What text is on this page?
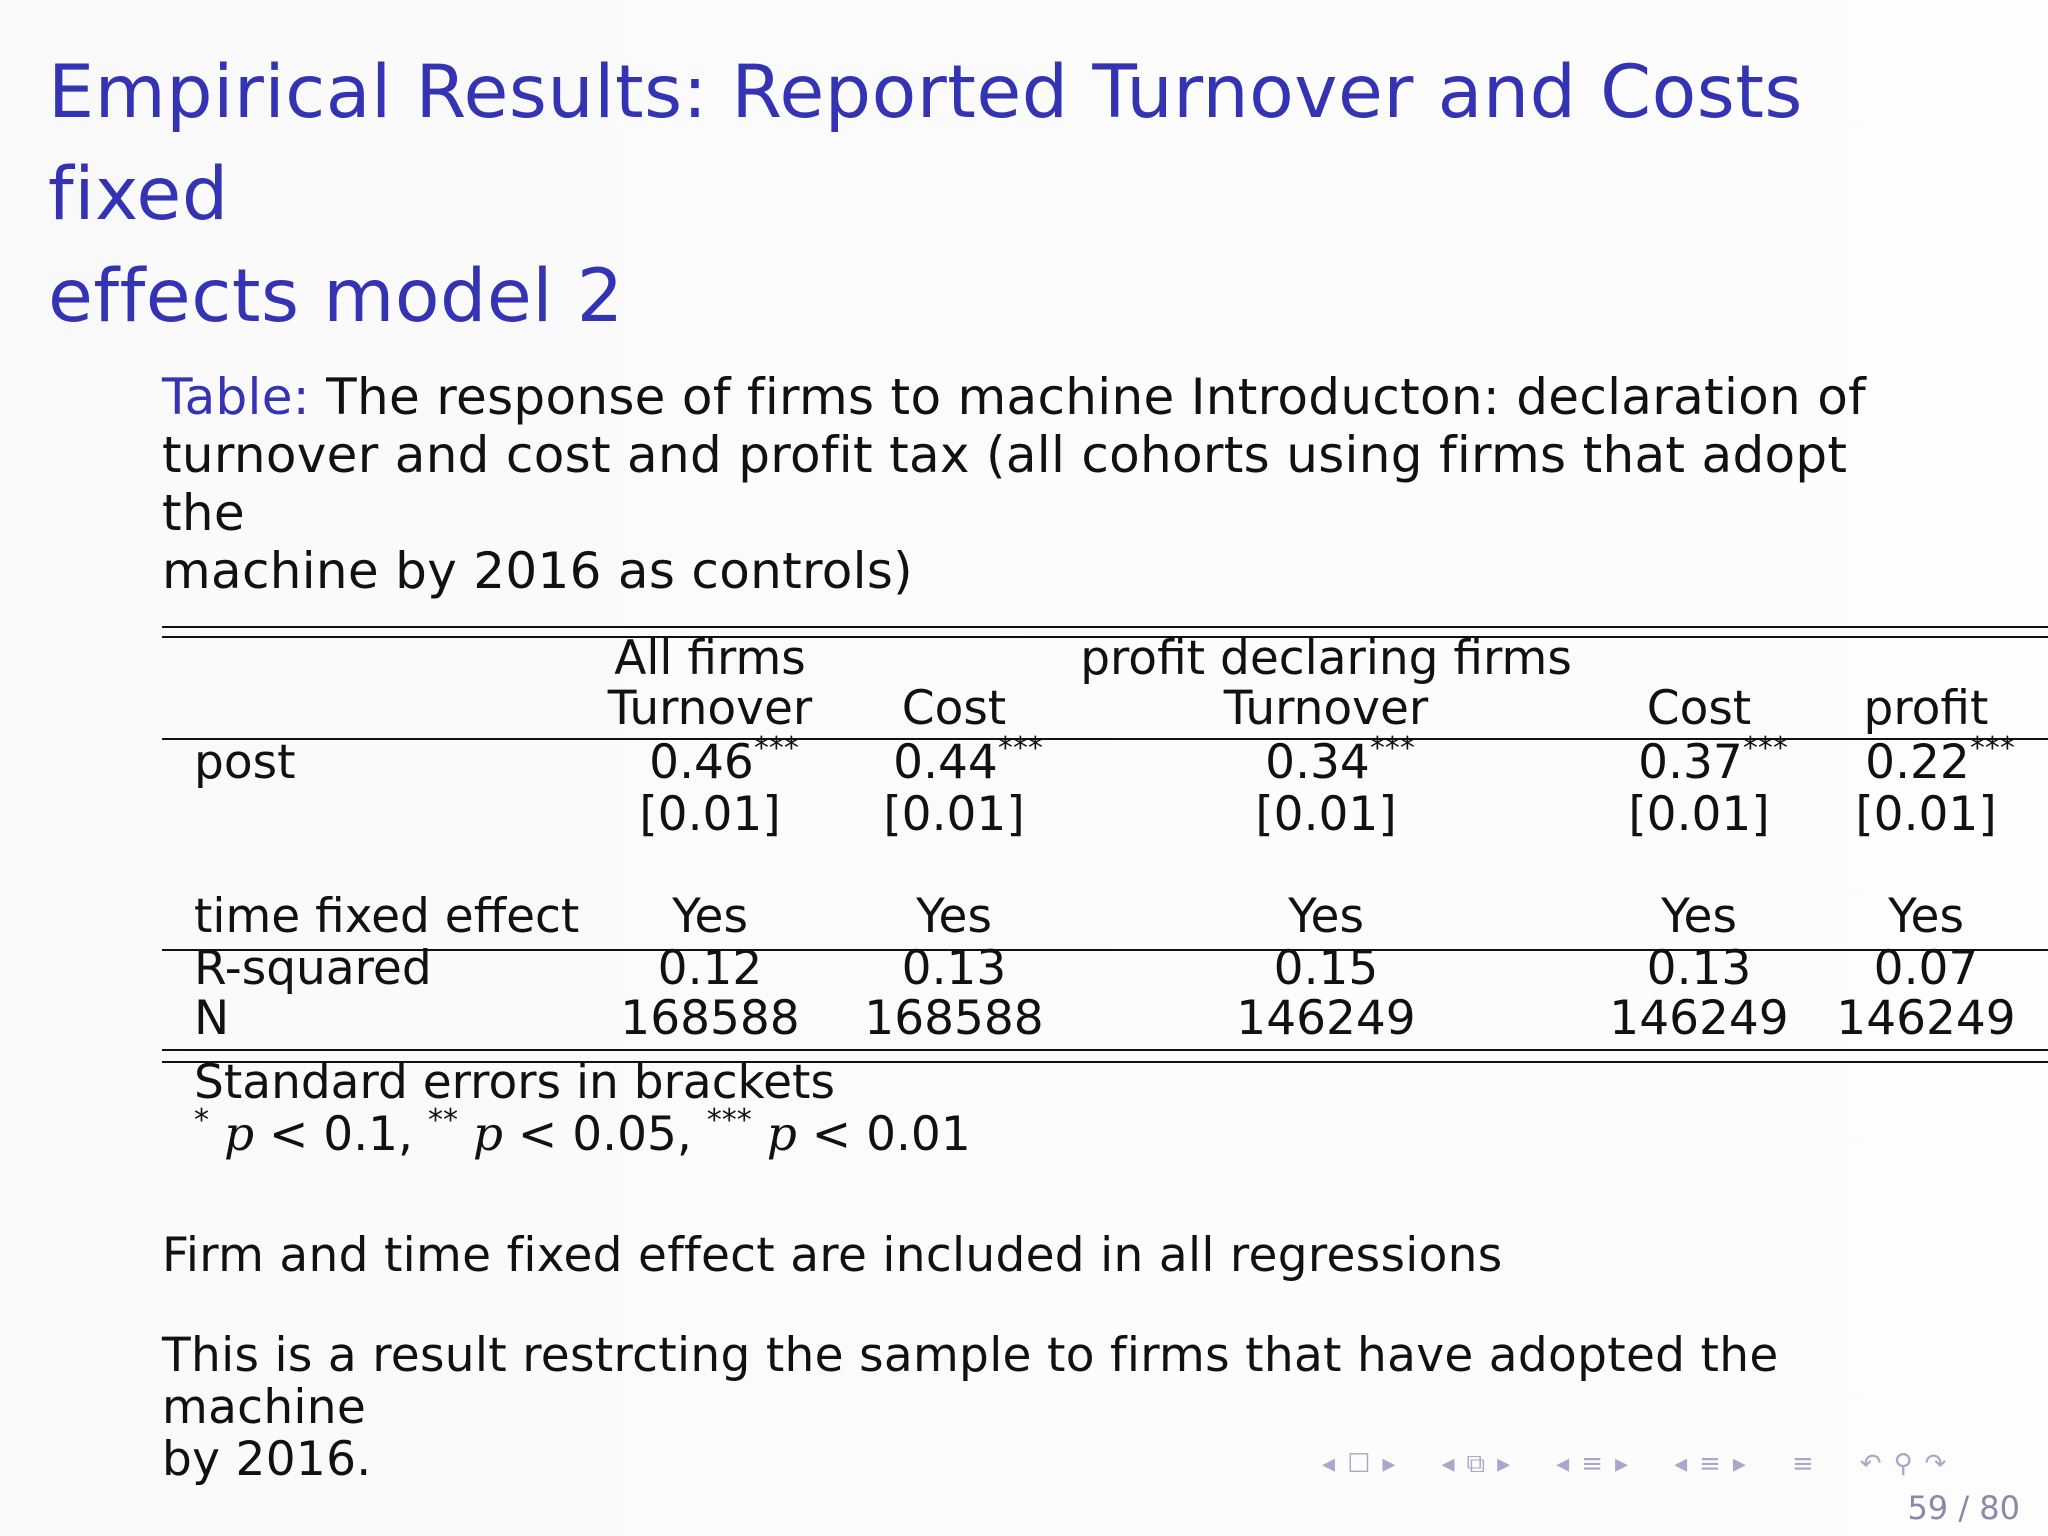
Empirical Results: Reported Turnover and Costs fixed
effects model 2
Table: The response of firms to machine Introducton: declaration of
turnover and cost and profit tax (all cohorts using firms that adopt the
machine by 2016 as controls)
All firms	profit declaring firms
Turnover Cost	Turnover	Cost profit
post	0.46*** 0.44***	0.34***	0.37*** 0.22***
[0.01] [0.01]	[0.01]	[0.01] [0.01]
time fixed effect Yes	Yes	Yes	Yes	Yes
R-squared	0.12	0.13	0.15	0.13	0.07
N	168588 168588	146249	146249 146249
Standard errors in brackets
* p < 0.1, ** p < 0.05, *** p < 0.01
Firm and time fixed effect are included in all regressions
This is a result restrcting the sample to firms that have adopted the machine
by 2016.	◂ ☐ ▸ ◂ ⧉ ▸ ◂ ≡ ▸ ◂ ≡ ▸ ≡ ↶ ⚲ ↷
59 / 80
